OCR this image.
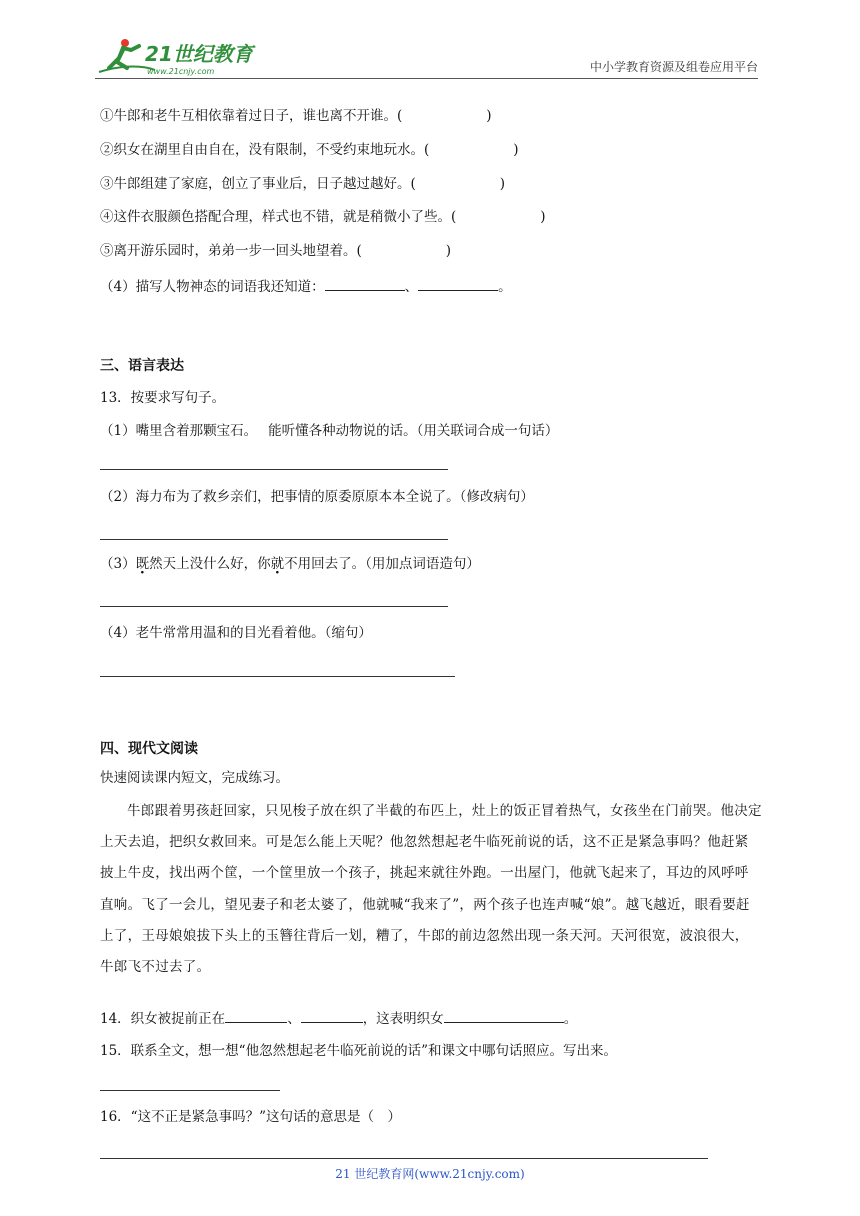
21世纪教育
www.21cnjy.com	中小学教育资源及组卷应用平台
①牛郎和老牛互相依靠着过日子，谁也离不开谁。(	)
②织女在湖里自由自在，没有限制，不受约束地玩水。(	)
③牛郎组建了家庭，创立了事业后，日子越过越好。(	)
④这件衣服颜色搭配合理，样式也不错，就是稍微小了些。(	)
⑤离开游乐园时，弟弟一步一回头地望着。(	)
（4）描写人物神态的词语我还知道：	、	。
三、语言表达
13．按要求写句子。
（1）嘴里含着那颗宝石。　 能听懂各种动物说的话。（用关联词合成一句话）
（2）海力布为了救乡亲们，把事情的原委原原本本全说了。（修改病句）
（3）既然天上没什么好，你就不用回去了。（用加点词语造句）
（4）老牛常常用温和的目光看着他。（缩句）
四、现代文阅读
快速阅读课内短文，完成练习。
牛郎跟着男孩赶回家，只见梭子放在织了半截的布匹上，灶上的饭正冒着热气，女孩坐在门前哭。他决定上天去追，把织女救回来。可是怎么能上天呢？他忽然想起老牛临死前说的话，这不正是紧急事吗？他赶紧披上牛皮，找出两个筐，一个筐里放一个孩子，挑起来就往外跑。一出屋门，他就飞起来了，耳边的风呼呼直响。飞了一会儿，望见妻子和老太婆了，他就喊“我来了”，两个孩子也连声喊“娘”。越飞越近，眼看要赶上了，王母娘娘拔下头上的玉簪往背后一划，糟了，牛郎的前边忽然出现一条天河。天河很宽，波浪很大，牛郎飞不过去了。
14．织女被捉前正在	、	，这表明织女	。
15．联系全文，想一想“他忽然想起老牛临死前说的话”和课文中哪句话照应。写出来。
16．“这不正是紧急事吗？”这句话的意思是（　）
21 世纪教育网(www.21cnjy.com)
